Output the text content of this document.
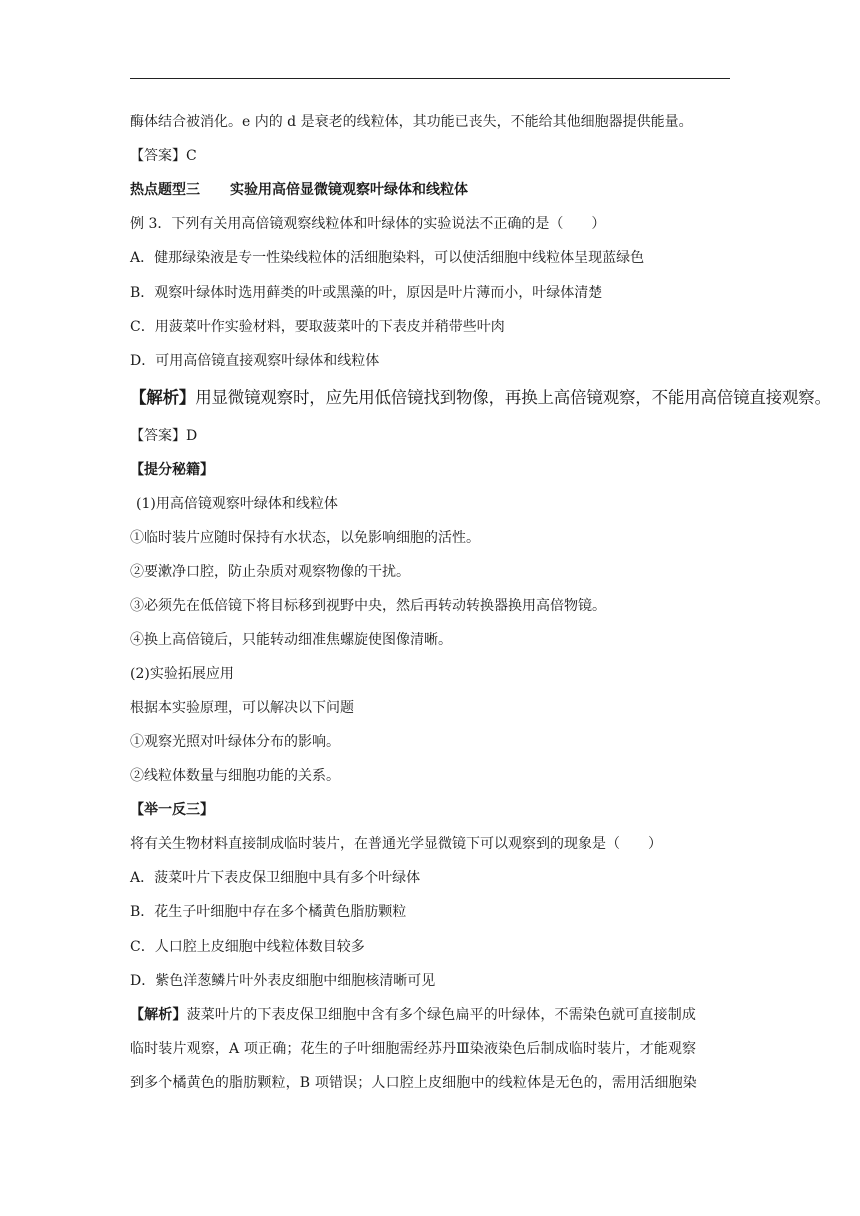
酶体结合被消化。e 内的 d 是衰老的线粒体，其功能已丧失，不能给其他细胞器提供能量。
【答案】C
热点题型三 实验用高倍显微镜观察叶绿体和线粒体
例 3．下列有关用高倍镜观察线粒体和叶绿体的实验说法不正确的是（　　）
A．健那绿染液是专一性染线粒体的活细胞染料，可以使活细胞中线粒体呈现蓝绿色
B．观察叶绿体时选用藓类的叶或黑藻的叶，原因是叶片薄而小，叶绿体清楚
C．用菠菜叶作实验材料，要取菠菜叶的下表皮并稍带些叶肉
D．可用高倍镜直接观察叶绿体和线粒体
【解析】用显微镜观察时，应先用低倍镜找到物像，再换上高倍镜观察，不能用高倍镜直接观察。
【答案】D
【提分秘籍】
(1)用高倍镜观察叶绿体和线粒体
①临时装片应随时保持有水状态，以免影响细胞的活性。
②要漱净口腔，防止杂质对观察物像的干扰。
③必须先在低倍镜下将目标移到视野中央，然后再转动转换器换用高倍物镜。
④换上高倍镜后，只能转动细准焦螺旋使图像清晰。
(2)实验拓展应用
根据本实验原理，可以解决以下问题
①观察光照对叶绿体分布的影响。
②线粒体数量与细胞功能的关系。
【举一反三】
将有关生物材料直接制成临时装片，在普通光学显微镜下可以观察到的现象是（　　）
A．菠菜叶片下表皮保卫细胞中具有多个叶绿体
B．花生子叶细胞中存在多个橘黄色脂肪颗粒
C．人口腔上皮细胞中线粒体数目较多
D．紫色洋葱鳞片叶外表皮细胞中细胞核清晰可见
【解析】菠菜叶片的下表皮保卫细胞中含有多个绿色扁平的叶绿体，不需染色就可直接制成
临时装片观察，A 项正确；花生的子叶细胞需经苏丹Ⅲ染液染色后制成临时装片，才能观察
到多个橘黄色的脂肪颗粒，B 项错误；人口腔上皮细胞中的线粒体是无色的，需用活细胞染
